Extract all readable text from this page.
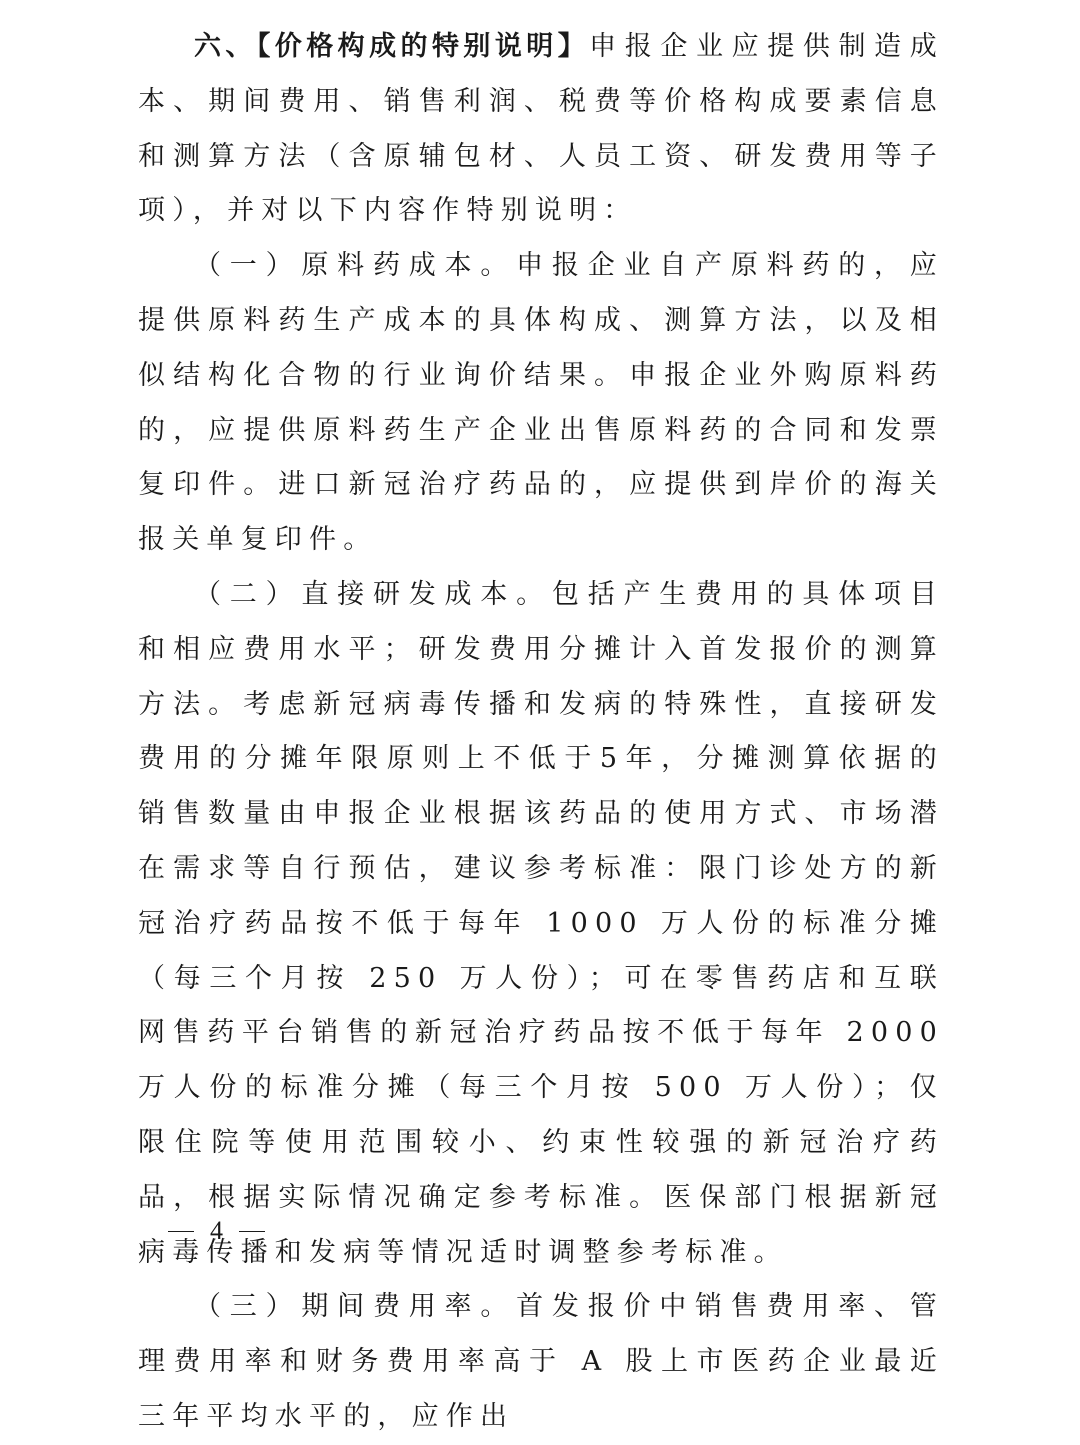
六、【价格构成的特别说明】申报企业应提供制造成本、期间费用、销售利润、税费等价格构成要素信息和测算方法（含原辅包材、人员工资、研发费用等子项），并对以下内容作特别说明：

（一）原料药成本。申报企业自产原料药的，应提供原料药生产成本的具体构成、测算方法，以及相似结构化合物的行业询价结果。申报企业外购原料药的，应提供原料药生产企业出售原料药的合同和发票复印件。进口新冠治疗药品的，应提供到岸价的海关报关单复印件。

（二）直接研发成本。包括产生费用的具体项目和相应费用水平；研发费用分摊计入首发报价的测算方法。考虑新冠病毒传播和发病的特殊性，直接研发费用的分摊年限原则上不低于5年，分摊测算依据的销售数量由申报企业根据该药品的使用方式、市场潜在需求等自行预估，建议参考标准：限门诊处方的新冠治疗药品按不低于每年 1000 万人份的标准分摊（每三个月按 250 万人份）；可在零售药店和互联网售药平台销售的新冠治疗药品按不低于每年 2000 万人份的标准分摊（每三个月按 500 万人份）；仅限住院等使用范围较小、约束性较强的新冠治疗药品，根据实际情况确定参考标准。医保部门根据新冠病毒传播和发病等情况适时调整参考标准。

（三）期间费用率。首发报价中销售费用率、管理费用率和财务费用率高于 A 股上市医药企业最近三年平均水平的，应作出

4
